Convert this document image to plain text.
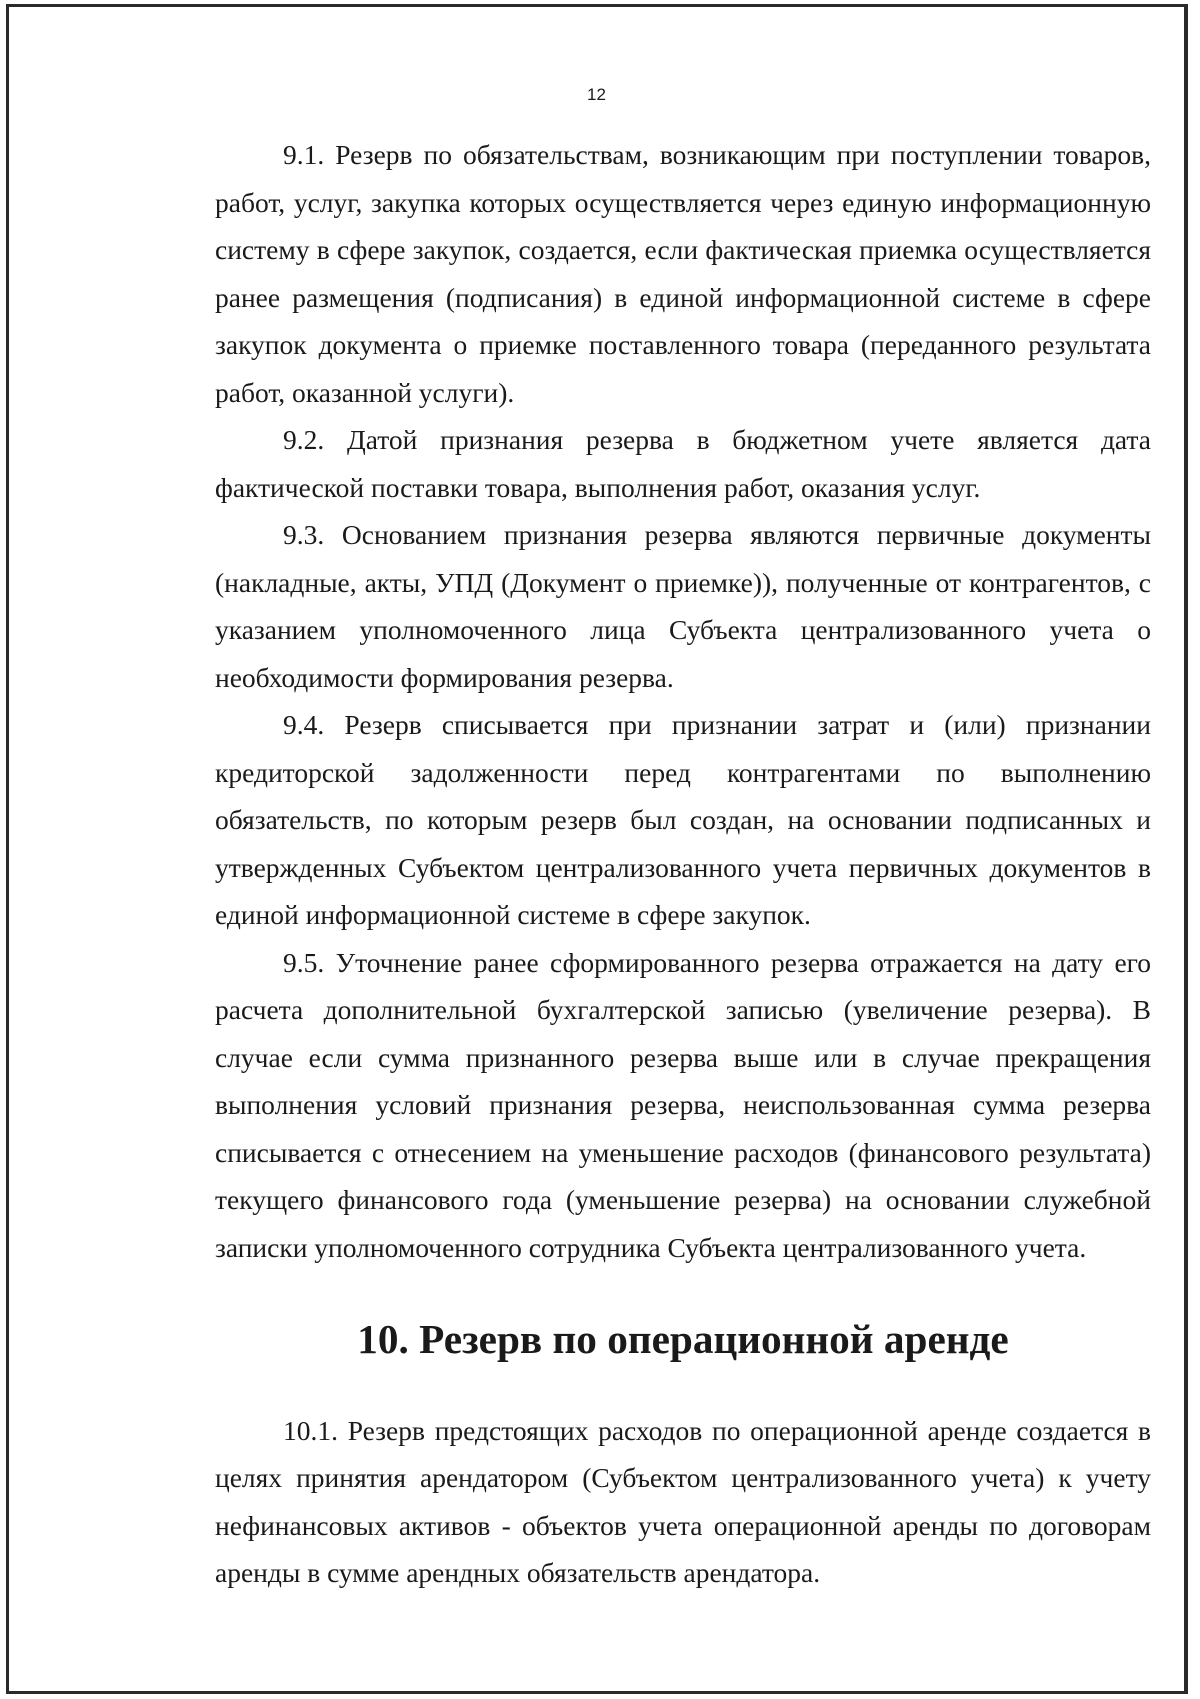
12

9.1. Резерв по обязательствам, возникающим при поступлении товаров, работ, услуг, закупка которых осуществляется через единую информационную систему в сфере закупок, создается, если фактическая приемка осуществляется ранее размещения (подписания) в единой информационной системе в сфере закупок документа о приемке поставленного товара (переданного результата работ, оказанной услуги).

9.2. Датой признания резерва в бюджетном учете является дата фактической поставки товара, выполнения работ, оказания услуг.

9.3. Основанием признания резерва являются первичные документы (накладные, акты, УПД (Документ о приемке)), полученные от контрагентов, с указанием уполномоченного лица Субъекта централизованного учета о необходимости формирования резерва.

9.4. Резерв списывается при признании затрат и (или) признании кредиторской задолженности перед контрагентами по выполнению обязательств, по которым резерв был создан, на основании подписанных и утвержденных Субъектом централизованного учета первичных документов в единой информационной системе в сфере закупок.

9.5. Уточнение ранее сформированного резерва отражается на дату его расчета дополнительной бухгалтерской записью (увеличение резерва). В случае если сумма признанного резерва выше или в случае прекращения выполнения условий признания резерва, неиспользованная сумма резерва списывается с отнесением на уменьшение расходов (финансового результата) текущего финансового года (уменьшение резерва) на основании служебной записки уполномоченного сотрудника Субъекта централизованного учета.

10. Резерв по операционной аренде

10.1. Резерв предстоящих расходов по операционной аренде создается в целях принятия арендатором (Субъектом централизованного учета) к учету нефинансовых активов - объектов учета операционной аренды по договорам аренды в сумме арендных обязательств арендатора.
